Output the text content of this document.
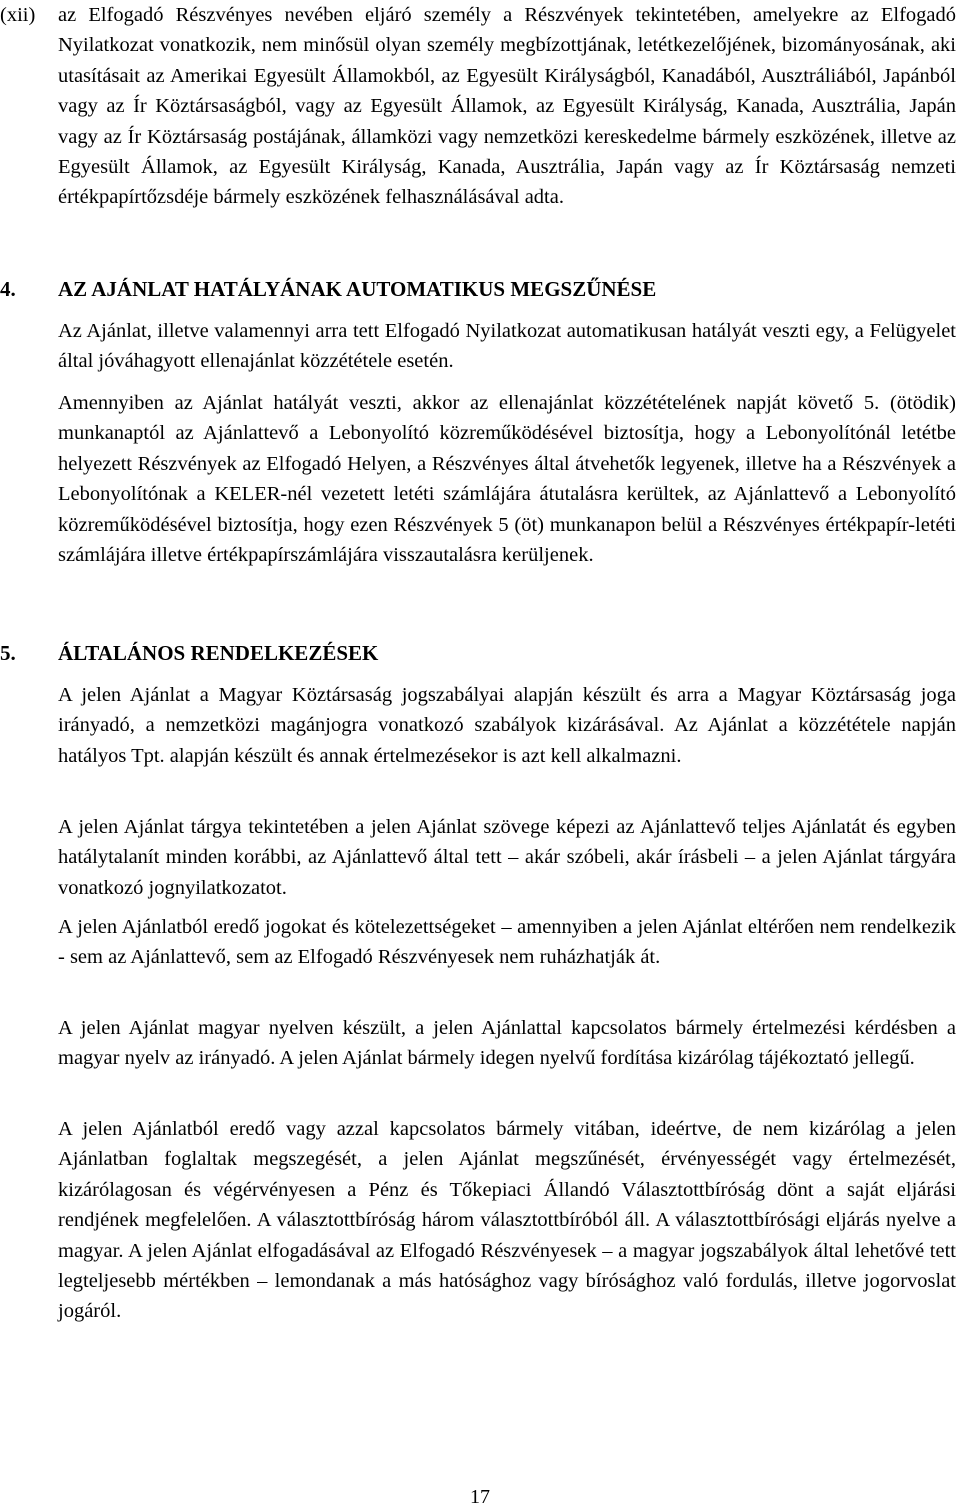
(xii)	az Elfogadó Részvényes nevében eljáró személy a Részvények tekintetében, amelyekre az Elfogadó Nyilatkozat vonatkozik, nem minősül olyan személy megbízottjának, letétkezelőjének, bizományosának, aki utasításait az Amerikai Egyesült Államokból, az Egyesült Királyságból, Kanadából, Ausztráliából, Japánból vagy az Ír Köztársaságból, vagy az Egyesült Államok, az Egyesült Királyság, Kanada, Ausztrália, Japán vagy az Ír Köztársaság postájának, államközi vagy nemzetközi kereskedelme bármely eszközének, illetve az Egyesült Államok, az Egyesült Királyság, Kanada, Ausztrália, Japán vagy az Ír Köztársaság nemzeti értékpapírtőzsdéje bármely eszközének felhasználásával adta.
4. AZ AJÁNLAT HATÁLYÁNAK AUTOMATIKUS MEGSZŰNÉSE

Az Ajánlat, illetve valamennyi arra tett Elfogadó Nyilatkozat automatikusan hatályát veszti egy, a Felügyelet által jóváhagyott ellenajánlat közzététele esetén.

Amennyiben az Ajánlat hatályát veszti, akkor az ellenajánlat közzétételének napját követő 5. (ötödik) munkanaptól az Ajánlattevő a Lebonyolító közreműködésével biztosítja, hogy a Lebonyolítónál letétbe helyezett Részvények az Elfogadó Helyen, a Részvényes által átvehetők legyenek, illetve ha a Részvények a Lebonyolítónak a KELER-nél vezetett letéti számlájára átutalásra kerültek, az Ajánlattevő a Lebonyolító közreműködésével biztosítja, hogy ezen Részvények 5 (öt) munkanapon belül a Részvényes értékpapír-letéti számlájára illetve értékpapírszámlájára visszautalásra kerüljenek.

5. ÁLTALÁNOS RENDELKEZÉSEK

A jelen Ajánlat a Magyar Köztársaság jogszabályai alapján készült és arra a Magyar Köztársaság joga irányadó, a nemzetközi magánjogra vonatkozó szabályok kizárásával. Az Ajánlat a közzététele napján hatályos Tpt. alapján készült és annak értelmezésekor is azt kell alkalmazni.

A jelen Ajánlat tárgya tekintetében a jelen Ajánlat szövege képezi az Ajánlattevő teljes Ajánlatát és egyben hatálytalanít minden korábbi, az Ajánlattevő által tett – akár szóbeli, akár írásbeli – a jelen Ajánlat tárgyára vonatkozó jognyilatkozatot.

A jelen Ajánlatból eredő jogokat és kötelezettségeket – amennyiben a jelen Ajánlat eltérően nem rendelkezik - sem az Ajánlattevő, sem az Elfogadó Részvényesek nem ruházhatják át.

A jelen Ajánlat magyar nyelven készült, a jelen Ajánlattal kapcsolatos bármely értelmezési kérdésben a magyar nyelv az irányadó. A jelen Ajánlat bármely idegen nyelvű fordítása kizárólag tájékoztató jellegű.

A jelen Ajánlatból eredő vagy azzal kapcsolatos bármely vitában, ideértve, de nem kizárólag a jelen Ajánlatban foglaltak megszegését, a jelen Ajánlat megszűnését, érvényességét vagy értelmezését, kizárólagosan és végérvényesen a Pénz és Tőkepiaci Állandó Választottbíróság dönt a saját eljárási rendjének megfelelően. A választottbíróság három választottbíróból áll. A választottbírósági eljárás nyelve a magyar. A jelen Ajánlat elfogadásával az Elfogadó Részvényesek – a magyar jogszabályok által lehetővé tett legteljesebb mértékben – lemondanak a más hatósághoz vagy bírósághoz való fordulás, illetve jogorvoslat jogáról.

17
